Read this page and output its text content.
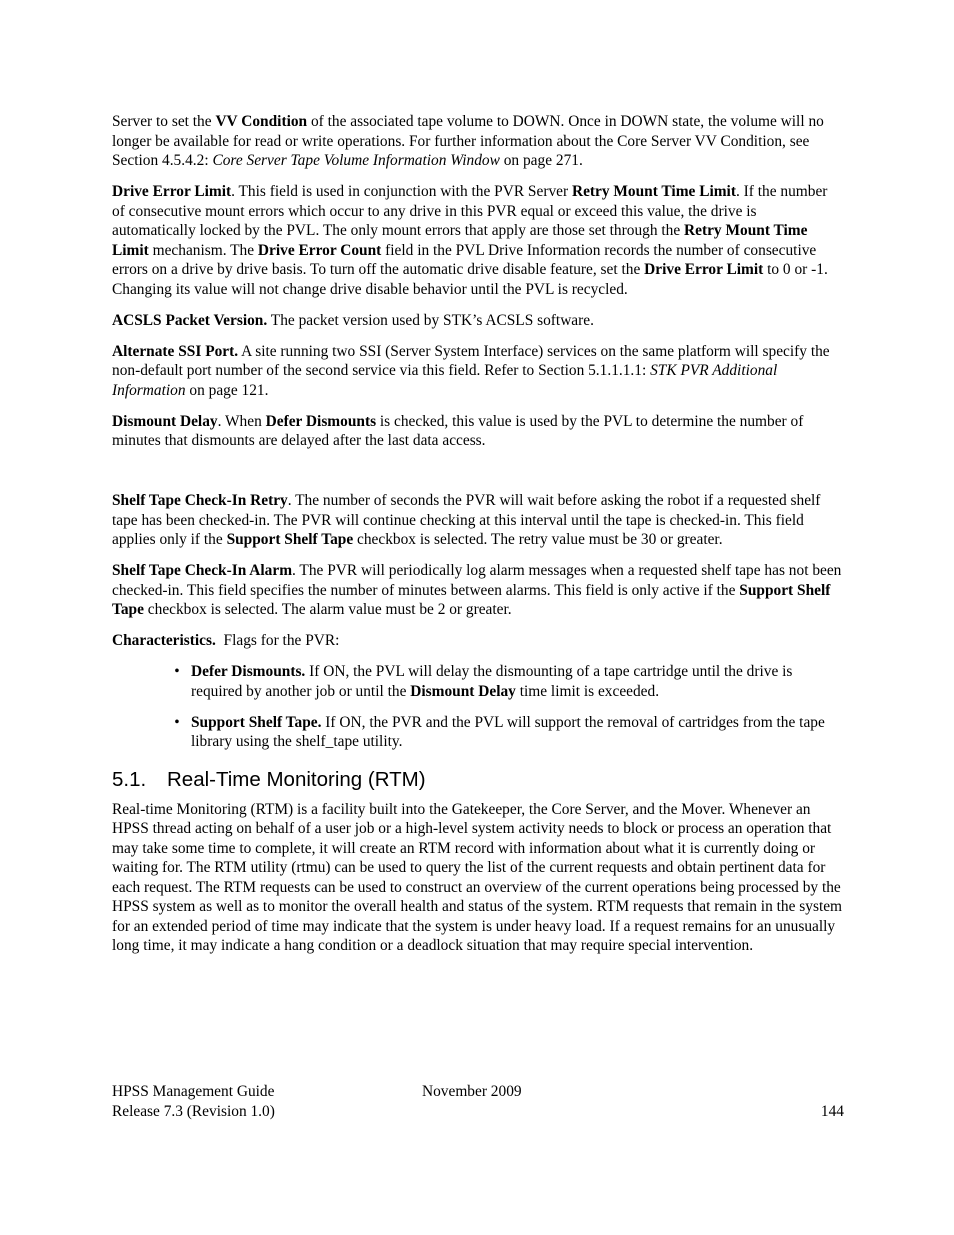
Server to set the VV Condition of the associated tape volume to DOWN. Once in DOWN state, the volume will no longer be available for read or write operations. For further information about the Core Server VV Condition, see Section 4.5.4.2: Core Server Tape Volume Information Window on page 271.

Drive Error Limit. This field is used in conjunction with the PVR Server Retry Mount Time Limit. If the number of consecutive mount errors which occur to any drive in this PVR equal or exceed this value, the drive is automatically locked by the PVL. The only mount errors that apply are those set through the Retry Mount Time Limit mechanism. The Drive Error Count field in the PVL Drive Information records the number of consecutive errors on a drive by drive basis. To turn off the automatic drive disable feature, set the Drive Error Limit to 0 or -1. Changing its value will not change drive disable behavior until the PVL is recycled.

ACSLS Packet Version. The packet version used by STK’s ACSLS software.

Alternate SSI Port. A site running two SSI (Server System Interface) services on the same platform will specify the non-default port number of the second service via this field. Refer to Section 5.1.1.1.1: STK PVR Additional Information on page 121.

Dismount Delay. When Defer Dismounts is checked, this value is used by the PVL to determine the number of minutes that dismounts are delayed after the last data access.

Shelf Tape Check-In Retry. The number of seconds the PVR will wait before asking the robot if a requested shelf tape has been checked-in. The PVR will continue checking at this interval until the tape is checked-in. This field applies only if the Support Shelf Tape checkbox is selected. The retry value must be 30 or greater.

Shelf Tape Check-In Alarm. The PVR will periodically log alarm messages when a requested shelf tape has not been checked-in. This field specifies the number of minutes between alarms. This field is only active if the Support Shelf Tape checkbox is selected. The alarm value must be 2 or greater.

Characteristics.  Flags for the PVR:

• Defer Dismounts. If ON, the PVL will delay the dismounting of a tape cartridge until the drive is required by another job or until the Dismount Delay time limit is exceeded.
• Support Shelf Tape. If ON, the PVR and the PVL will support the removal of cartridges from the tape library using the shelf_tape utility.
5.1.	Real-Time Monitoring (RTM)

Real-time Monitoring (RTM) is a facility built into the Gatekeeper, the Core Server, and the Mover. Whenever an HPSS thread acting on behalf of a user job or a high-level system activity needs to block or process an operation that may take some time to complete, it will create an RTM record with information about what it is currently doing or waiting for. The RTM utility (rtmu) can be used to query the list of the current requests and obtain pertinent data for each request. The RTM requests can be used to construct an overview of the current operations being processed by the HPSS system as well as to monitor the overall health and status of the system. RTM requests that remain in the system for an extended period of time may indicate that the system is under heavy load. If a request remains for an unusually long time, it may indicate a hang condition or a deadlock situation that may require special intervention.

HPSS Management Guide	November 2009
Release 7.3 (Revision 1.0)	144
